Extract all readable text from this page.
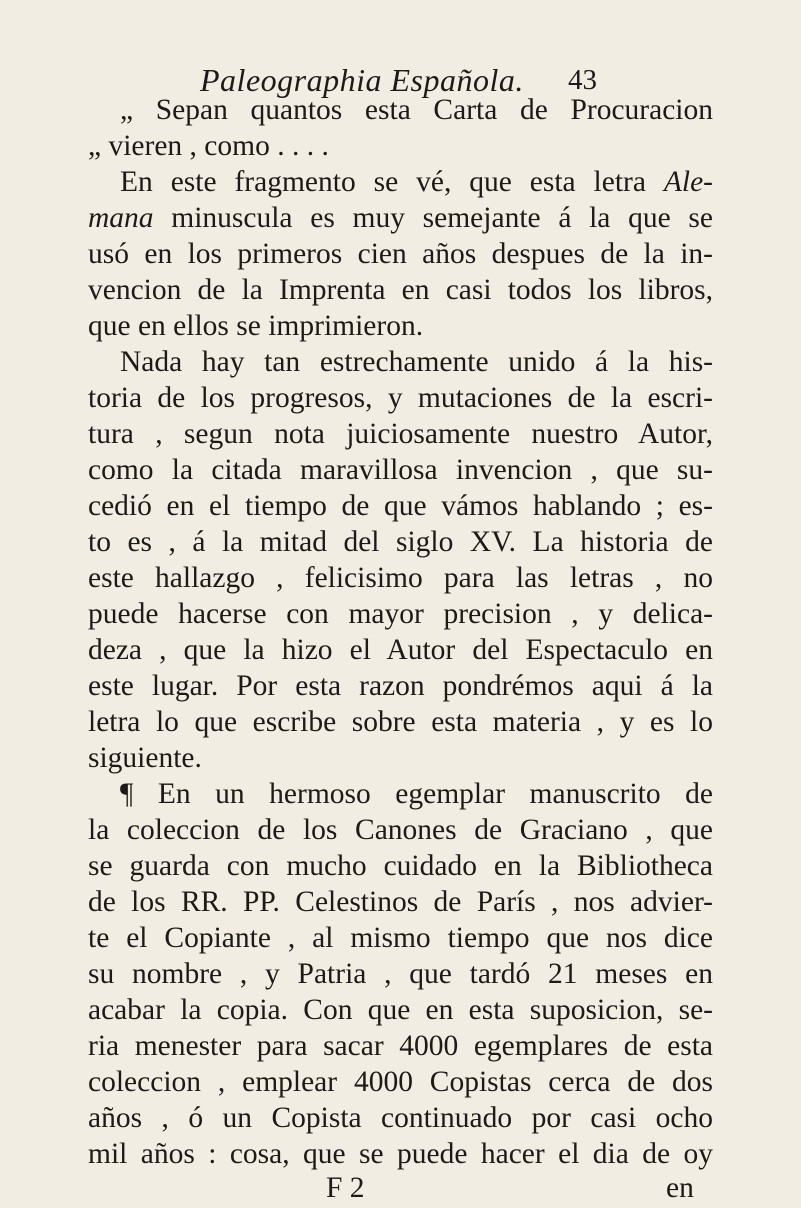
Paleographia Española. 43
„ Sepan quantos esta Carta de Procuracion
„ vieren , como . . . .
En este fragmento se vé, que esta letra Ale-
mana minuscula es muy semejante á la que se
usó en los primeros cien años despues de la in-
vencion de la Imprenta en casi todos los libros,
que en ellos se imprimieron.
Nada hay tan estrechamente unido á la his-
toria de los progresos, y mutaciones de la escri-
tura , segun nota juiciosamente nuestro Autor,
como la citada maravillosa invencion , que su-
cedió en el tiempo de que vámos hablando ; es-
to es , á la mitad del siglo XV. La historia de
este hallazgo , felicisimo para las letras , no
puede hacerse con mayor precision , y delica-
deza , que la hizo el Autor del Espectaculo en
este lugar. Por esta razon pondrémos aqui á la
letra lo que escribe sobre esta materia , y es lo
siguiente.
¶ En un hermoso egemplar manuscrito de
la coleccion de los Canones de Graciano , que
se guarda con mucho cuidado en la Bibliotheca
de los RR. PP. Celestinos de París , nos advier-
te el Copiante , al mismo tiempo que nos dice
su nombre , y Patria , que tardó 21 meses en
acabar la copia. Con que en esta suposicion, se-
ria menester para sacar 4000 egemplares de esta
coleccion , emplear 4000 Copistas cerca de dos
años , ó un Copista continuado por casi ocho
mil años : cosa, que se puede hacer el dia de oy
F 2	en
